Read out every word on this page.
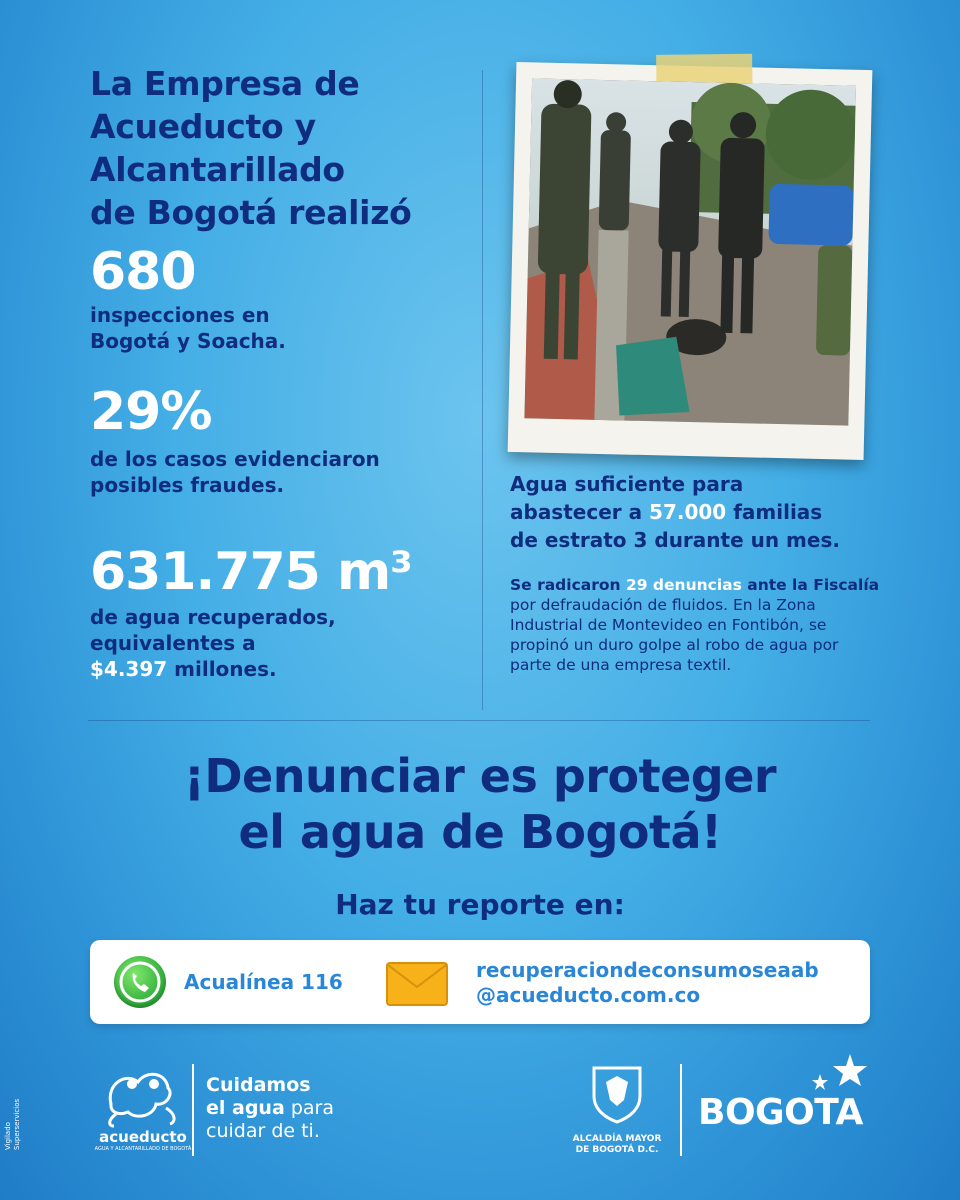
La Empresa de
Acueducto y
Alcantarillado
de Bogotá realizó
680
inspecciones en
Bogotá y Soacha.
29%
de los casos evidenciaron
posibles fraudes.
631.775 m³
de agua recuperados,
equivalentes a
$4.397 millones.
Agua suficiente para
abastecer a 57.000 familias
de estrato 3 durante un mes.
Se radicaron 29 denuncias ante la Fiscalía por defraudación de fluidos. En la Zona Industrial de Montevideo en Fontibón, se propinó un duro golpe al robo de agua por parte de una empresa textil.
¡Denunciar es proteger
el agua de Bogotá!
Haz tu reporte en:
Acualínea 116	recuperaciondeconsumoseaab
@acueducto.com.co
Vigilado Superservicios	acueducto
AGUA Y ALCANTARILLADO DE BOGOTÁ
Cuidamos
el agua para
cuidar de ti.	ALCALDÍA MAYOR
DE BOGOTÁ D.C.
BOGOTA
